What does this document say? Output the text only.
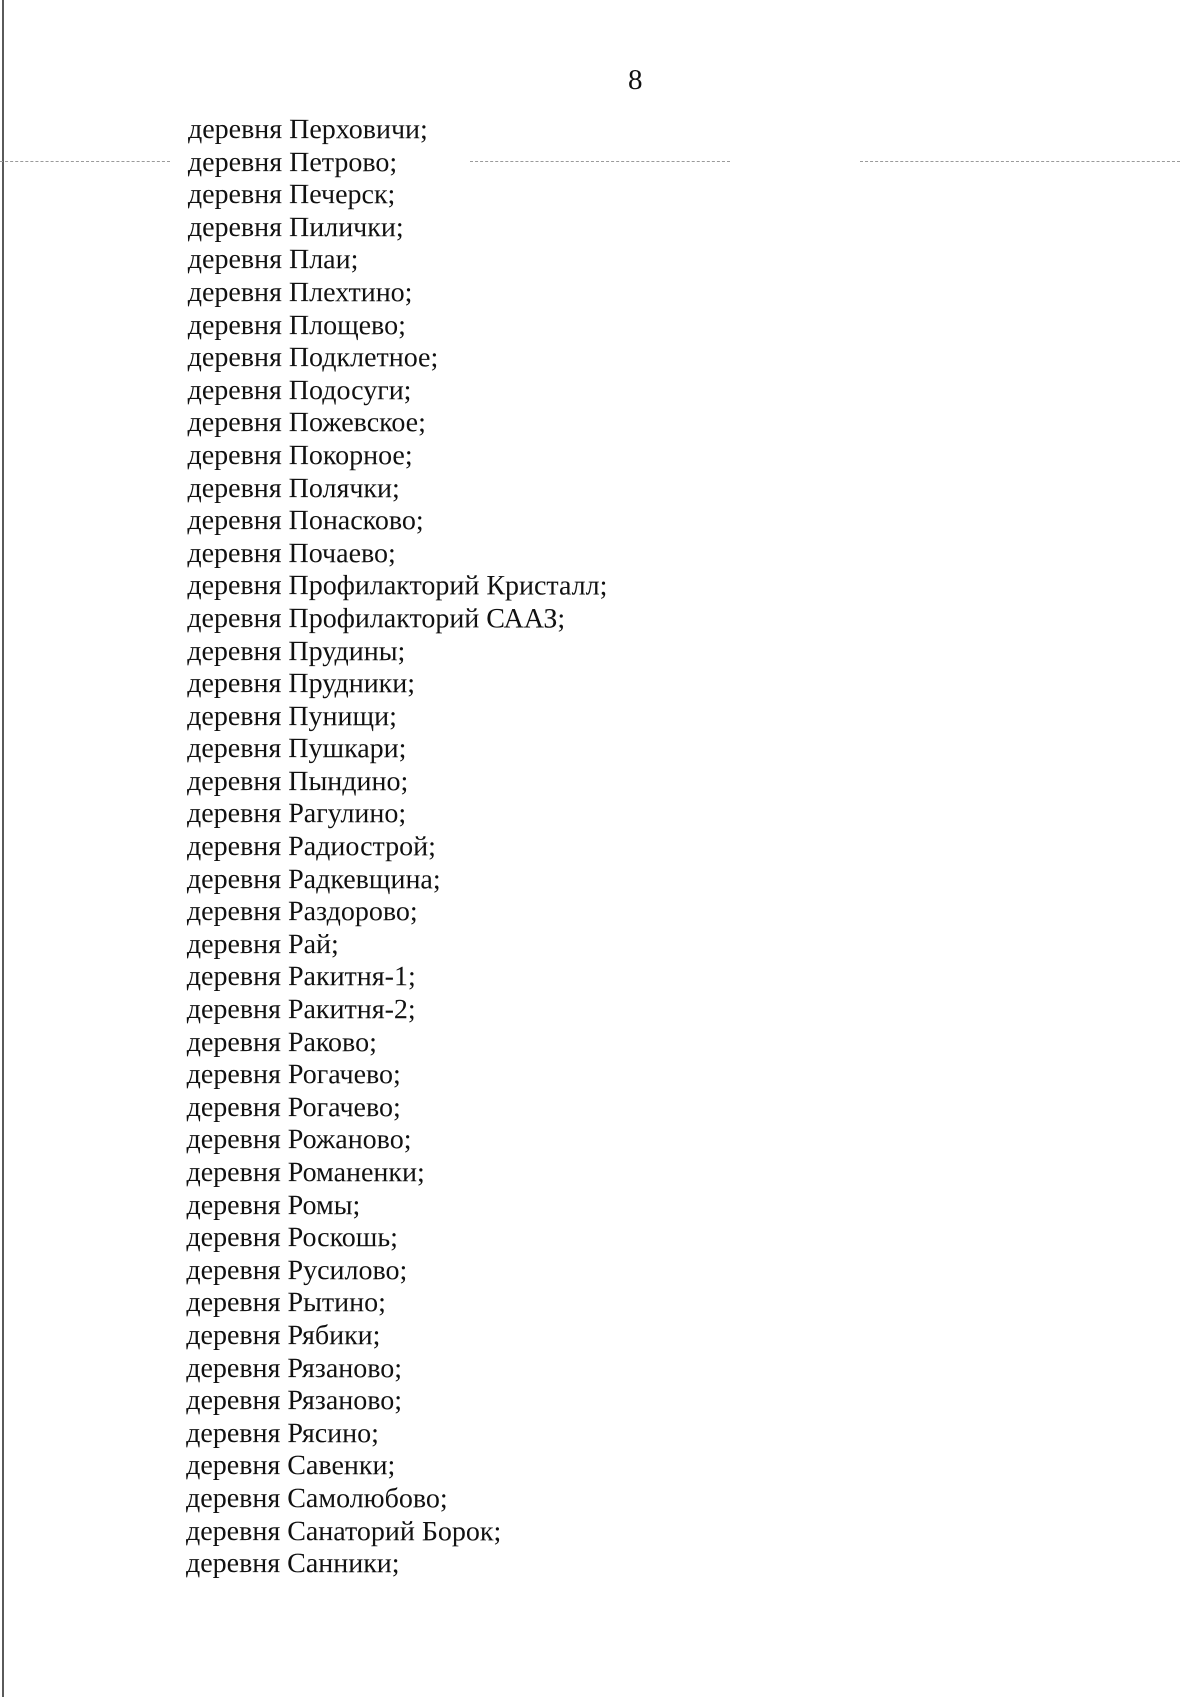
8
деревня Перховичи;
деревня Петрово;
деревня Печерск;
деревня Пилички;
деревня Плаи;
деревня Плехтино;
деревня Площево;
деревня Подклетное;
деревня Подосуги;
деревня Пожевское;
деревня Покорное;
деревня Полячки;
деревня Понасково;
деревня Почаево;
деревня Профилакторий Кристалл;
деревня Профилакторий СААЗ;
деревня Прудины;
деревня Прудники;
деревня Пунищи;
деревня Пушкари;
деревня Пындино;
деревня Рагулино;
деревня Радиострой;
деревня Радкевщина;
деревня Раздорово;
деревня Рай;
деревня Ракитня-1;
деревня Ракитня-2;
деревня Раково;
деревня Рогачево;
деревня Рогачево;
деревня Рожаново;
деревня Романенки;
деревня Ромы;
деревня Роскошь;
деревня Русилово;
деревня Рытино;
деревня Рябики;
деревня Рязаново;
деревня Рязаново;
деревня Рясино;
деревня Савенки;
деревня Самолюбово;
деревня Санаторий Борок;
деревня Санники;
